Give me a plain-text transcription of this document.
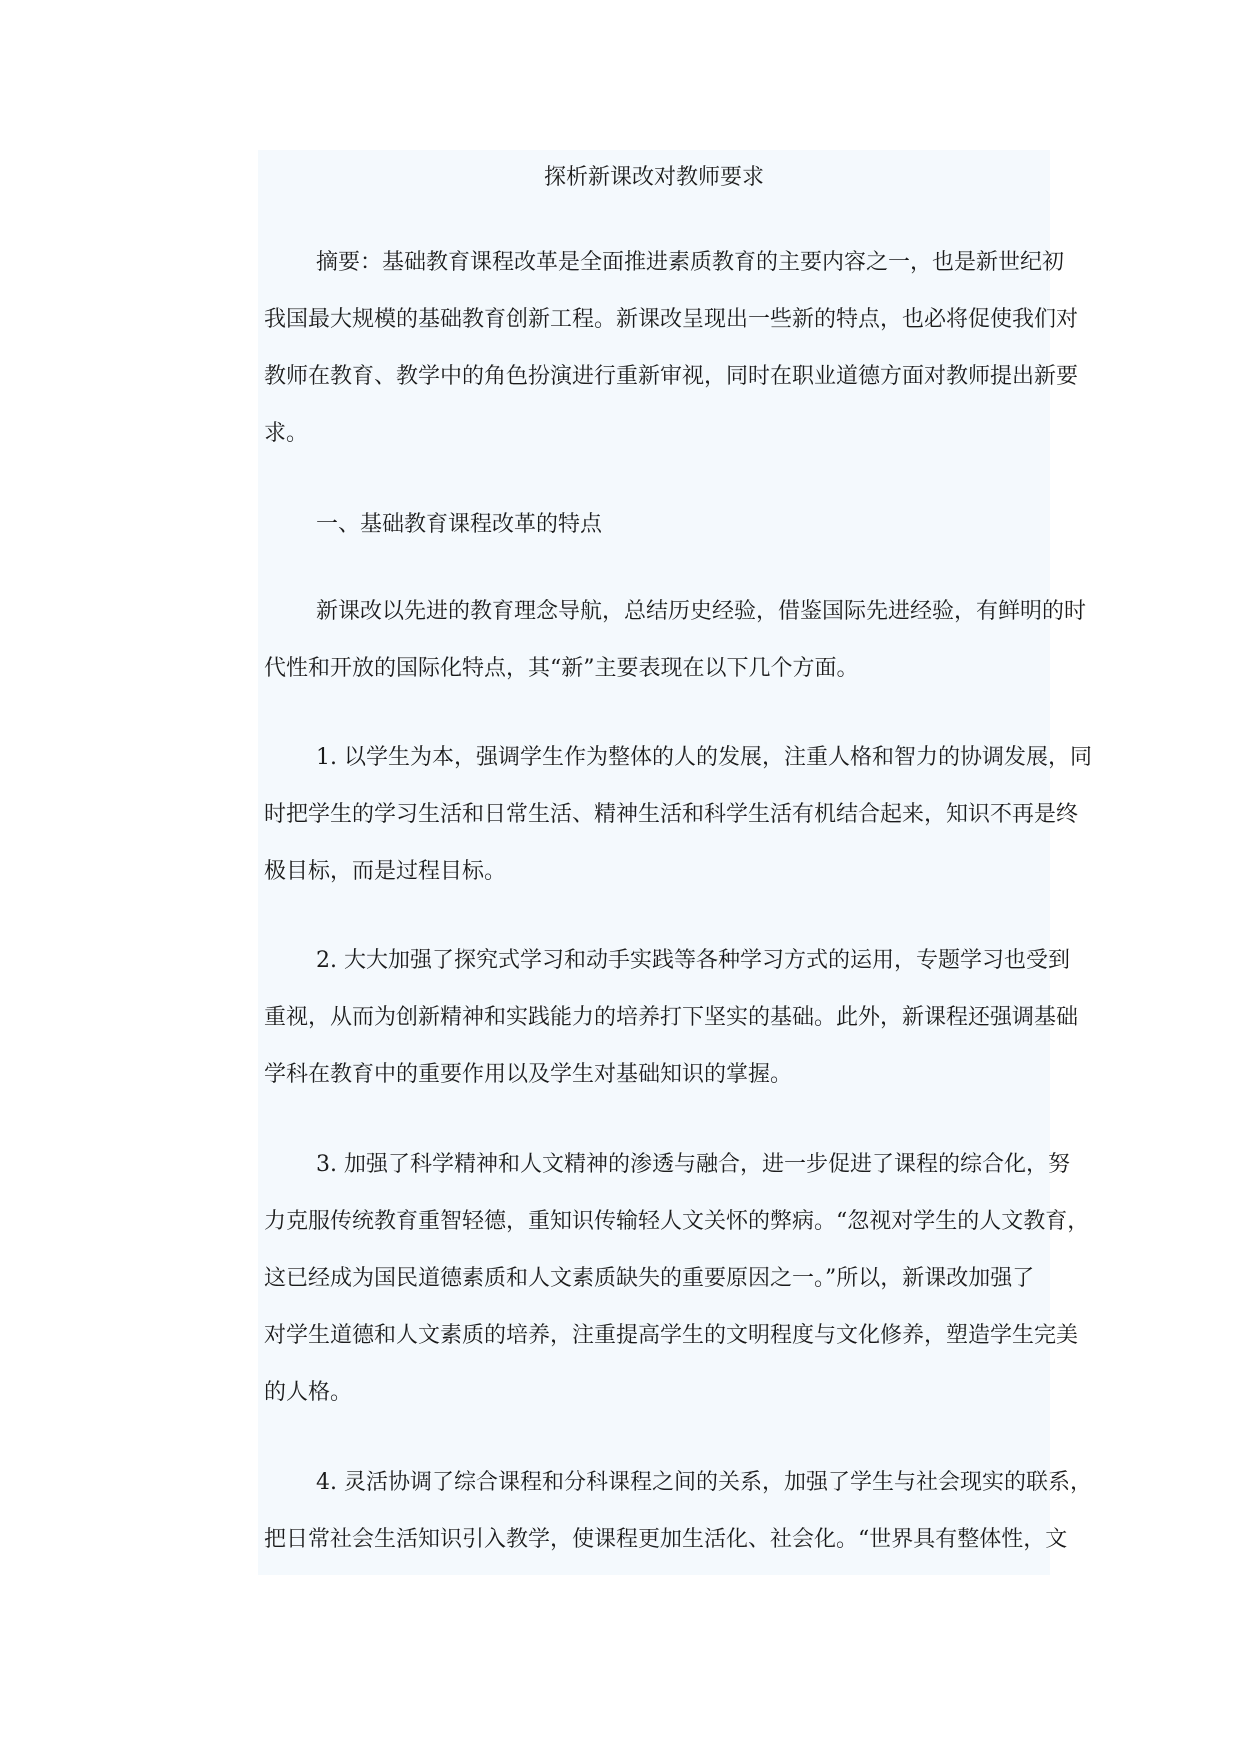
探析新课改对教师要求

摘要：基础教育课程改革是全面推进素质教育的主要内容之一，也是新世纪初

我国最大规模的基础教育创新工程。新课改呈现出一些新的特点，也必将促使我们对

教师在教育、教学中的角色扮演进行重新审视，同时在职业道德方面对教师提出新要

求。

一、基础教育课程改革的特点

新课改以先进的教育理念导航，总结历史经验，借鉴国际先进经验，有鲜明的时

代性和开放的国际化特点，其“新”主要表现在以下几个方面。

1. 以学生为本，强调学生作为整体的人的发展，注重人格和智力的协调发展，同

时把学生的学习生活和日常生活、精神生活和科学生活有机结合起来，知识不再是终

极目标，而是过程目标。

2. 大大加强了探究式学习和动手实践等各种学习方式的运用，专题学习也受到

重视，从而为创新精神和实践能力的培养打下坚实的基础。此外，新课程还强调基础

学科在教育中的重要作用以及学生对基础知识的掌握。

3. 加强了科学精神和人文精神的渗透与融合，进一步促进了课程的综合化，努

力克服传统教育重智轻德，重知识传输轻人文关怀的弊病。“忽视对学生的人文教育，

这已经成为国民道德素质和人文素质缺失的重要原因之一。”所以，新课改加强了

对学生道德和人文素质的培养，注重提高学生的文明程度与文化修养，塑造学生完美

的人格。

4. 灵活协调了综合课程和分科课程之间的关系，加强了学生与社会现实的联系，

把日常社会生活知识引入教学，使课程更加生活化、社会化。“世界具有整体性，文
